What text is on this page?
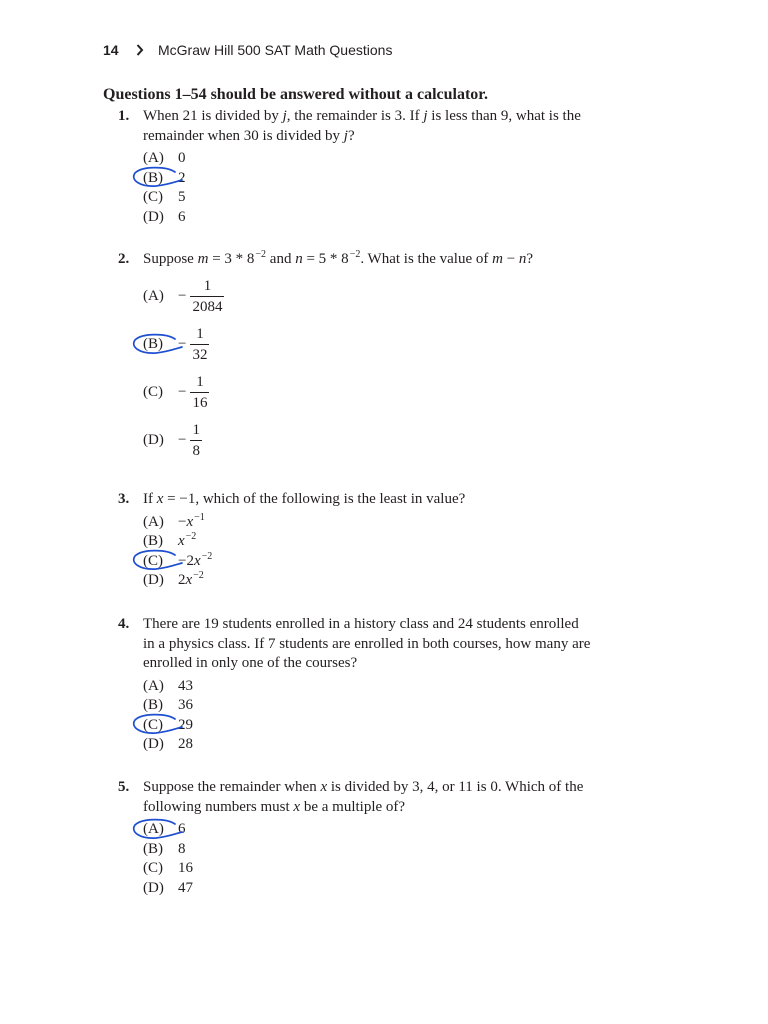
14	McGraw Hill 500 SAT Math Questions
Questions 1–54 should be answered without a calculator.
1. When 21 is divided by j, the remainder is 3. If j is less than 9, what is the
remainder when 30 is divided by j?
(A) 0
(B)	2
(C)	5
(D) 6
2. Suppose $m = 3 * 8^{-2}$ and $n = 5 * 8^{-2}$. What is the value of m − n?
$(A) - \frac{1}{2084}$
(B)	− $\frac{1}{32}$
(C)	− $\frac{1}{16}$
$(D) - \frac{1}{8}$
3. If x = −1, which of the following is the least in value?
$(A) -x^{-1}$
(B)	$x^{-2}$
(C)	$-2x^{-2}$
(D) $2x^{-2}$
4. There are 19 students enrolled in a history class and 24 students enrolled
in a physics class. If 7 students are enrolled in both courses, how many are
enrolled in only one of the courses?
(A) 43
(B)	36
(C)	29
(D) 28
5. Suppose the remainder when x is divided by 3, 4, or 11 is 0. Which of the
following numbers must x be a multiple of?
(A) 6
(B)	8
(C)	16
(D) 47
